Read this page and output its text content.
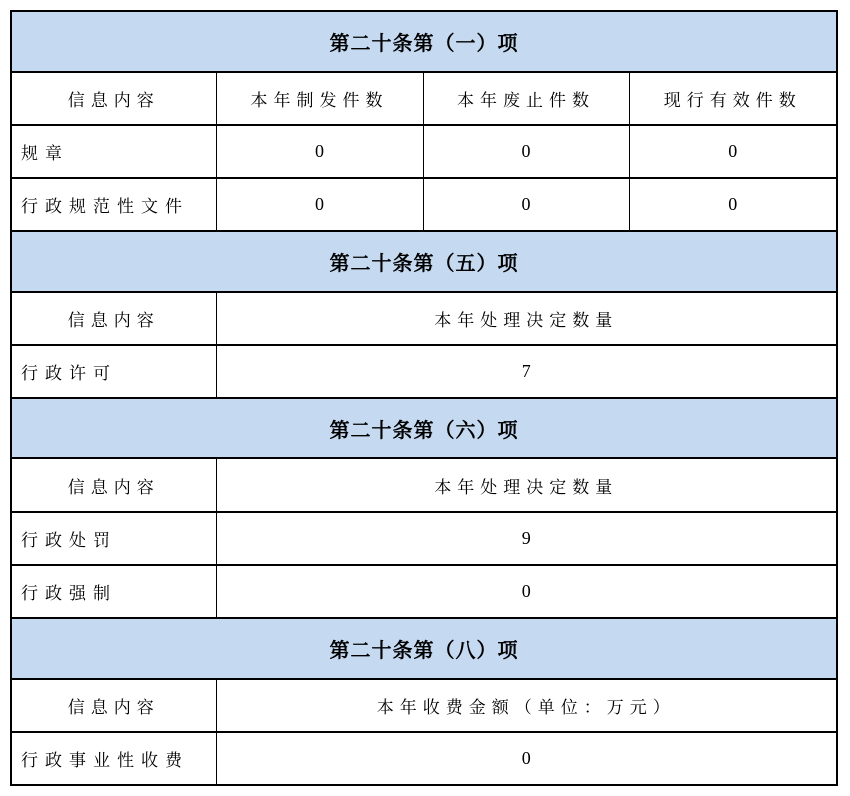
第二十条第（一）项			
信息内容	本年制发件数	本年废止件数	现行有效件数
规章	0	0	0
行政规范性文件	0	0	0
第二十条第（五）项			
信息内容	本年处理决定数量		
行政许可	7		
第二十条第（六）项			
信息内容	本年处理决定数量		
行政处罚	9		
行政强制	0		
第二十条第（八）项			
信息内容	本年收费金额（单位：万元）		
行政事业性收费	0		
